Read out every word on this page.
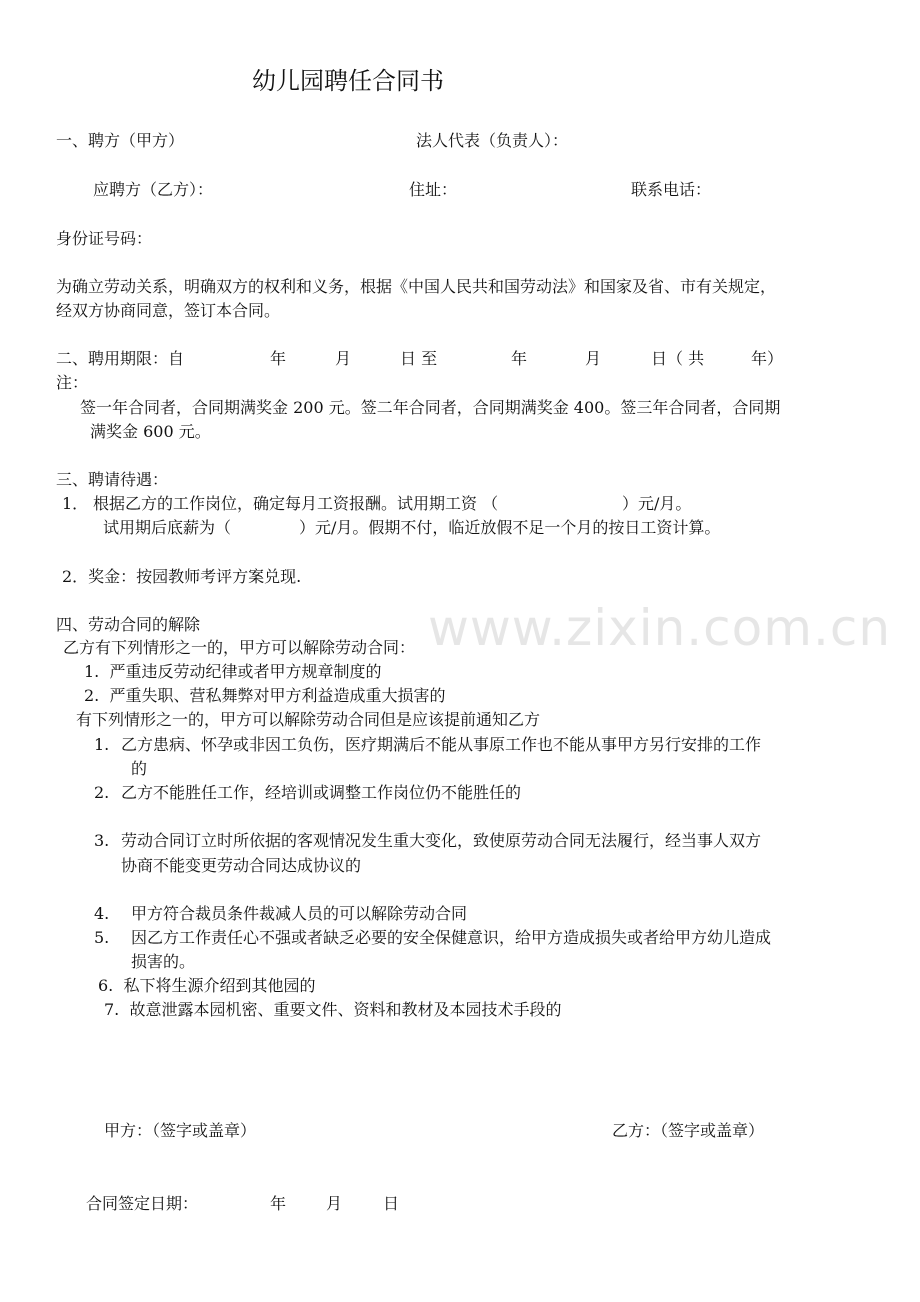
www.zixin.com.cn
幼儿园聘任合同书
一、聘方（甲方）	法人代表（负责人）：
应聘方（乙方）：	住址：	联系电话：
身份证号码：
为确立劳动关系，明确双方的权利和义务，根据《中国人民共和国劳动法》和国家及省、市有关规定，
经双方协商同意，签订本合同。
二、聘用期限：自	年	月	日 至	年	月	日（ 共	年）
注：
签一年合同者，合同期满奖金 200 元。签二年合同者，合同期满奖金 400。签三年合同者，合同期
满奖金 600 元。
三、聘请待遇：
1． 根据乙方的工作岗位，确定每月工资报酬。试用期工资 （	）元/月。
试用期后底薪为（	）元/月。假期不付，临近放假不足一个月的按日工资计算。
2．奖金：按园教师考评方案兑现.
四、劳动合同的解除
乙方有下列情形之一的，甲方可以解除劳动合同：
1.  严重违反劳动纪律或者甲方规章制度的
2.  严重失职、营私舞弊对甲方利益造成重大损害的
有下列情形之一的，甲方可以解除劳动合同但是应该提前通知乙方
1. 乙方患病、怀孕或非因工负伤，医疗期满后不能从事原工作也不能从事甲方另行安排的工作
的
2. 乙方不能胜任工作，经培训或调整工作岗位仍不能胜任的
3. 劳动合同订立时所依据的客观情况发生重大变化，致使原劳动合同无法履行，经当事人双方
协商不能变更劳动合同达成协议的
4. 甲方符合裁员条件裁减人员的可以解除劳动合同
5. 因乙方工作责任心不强或者缺乏必要的安全保健意识，给甲方造成损失或者给甲方幼儿造成
损害的。
6.  私下将生源介绍到其他园的
7.  故意泄露本园机密、重要文件、资料和教材及本园技术手段的
甲方：（签字或盖章）	乙方：（签字或盖章）
合同签定日期：	年 月	日
